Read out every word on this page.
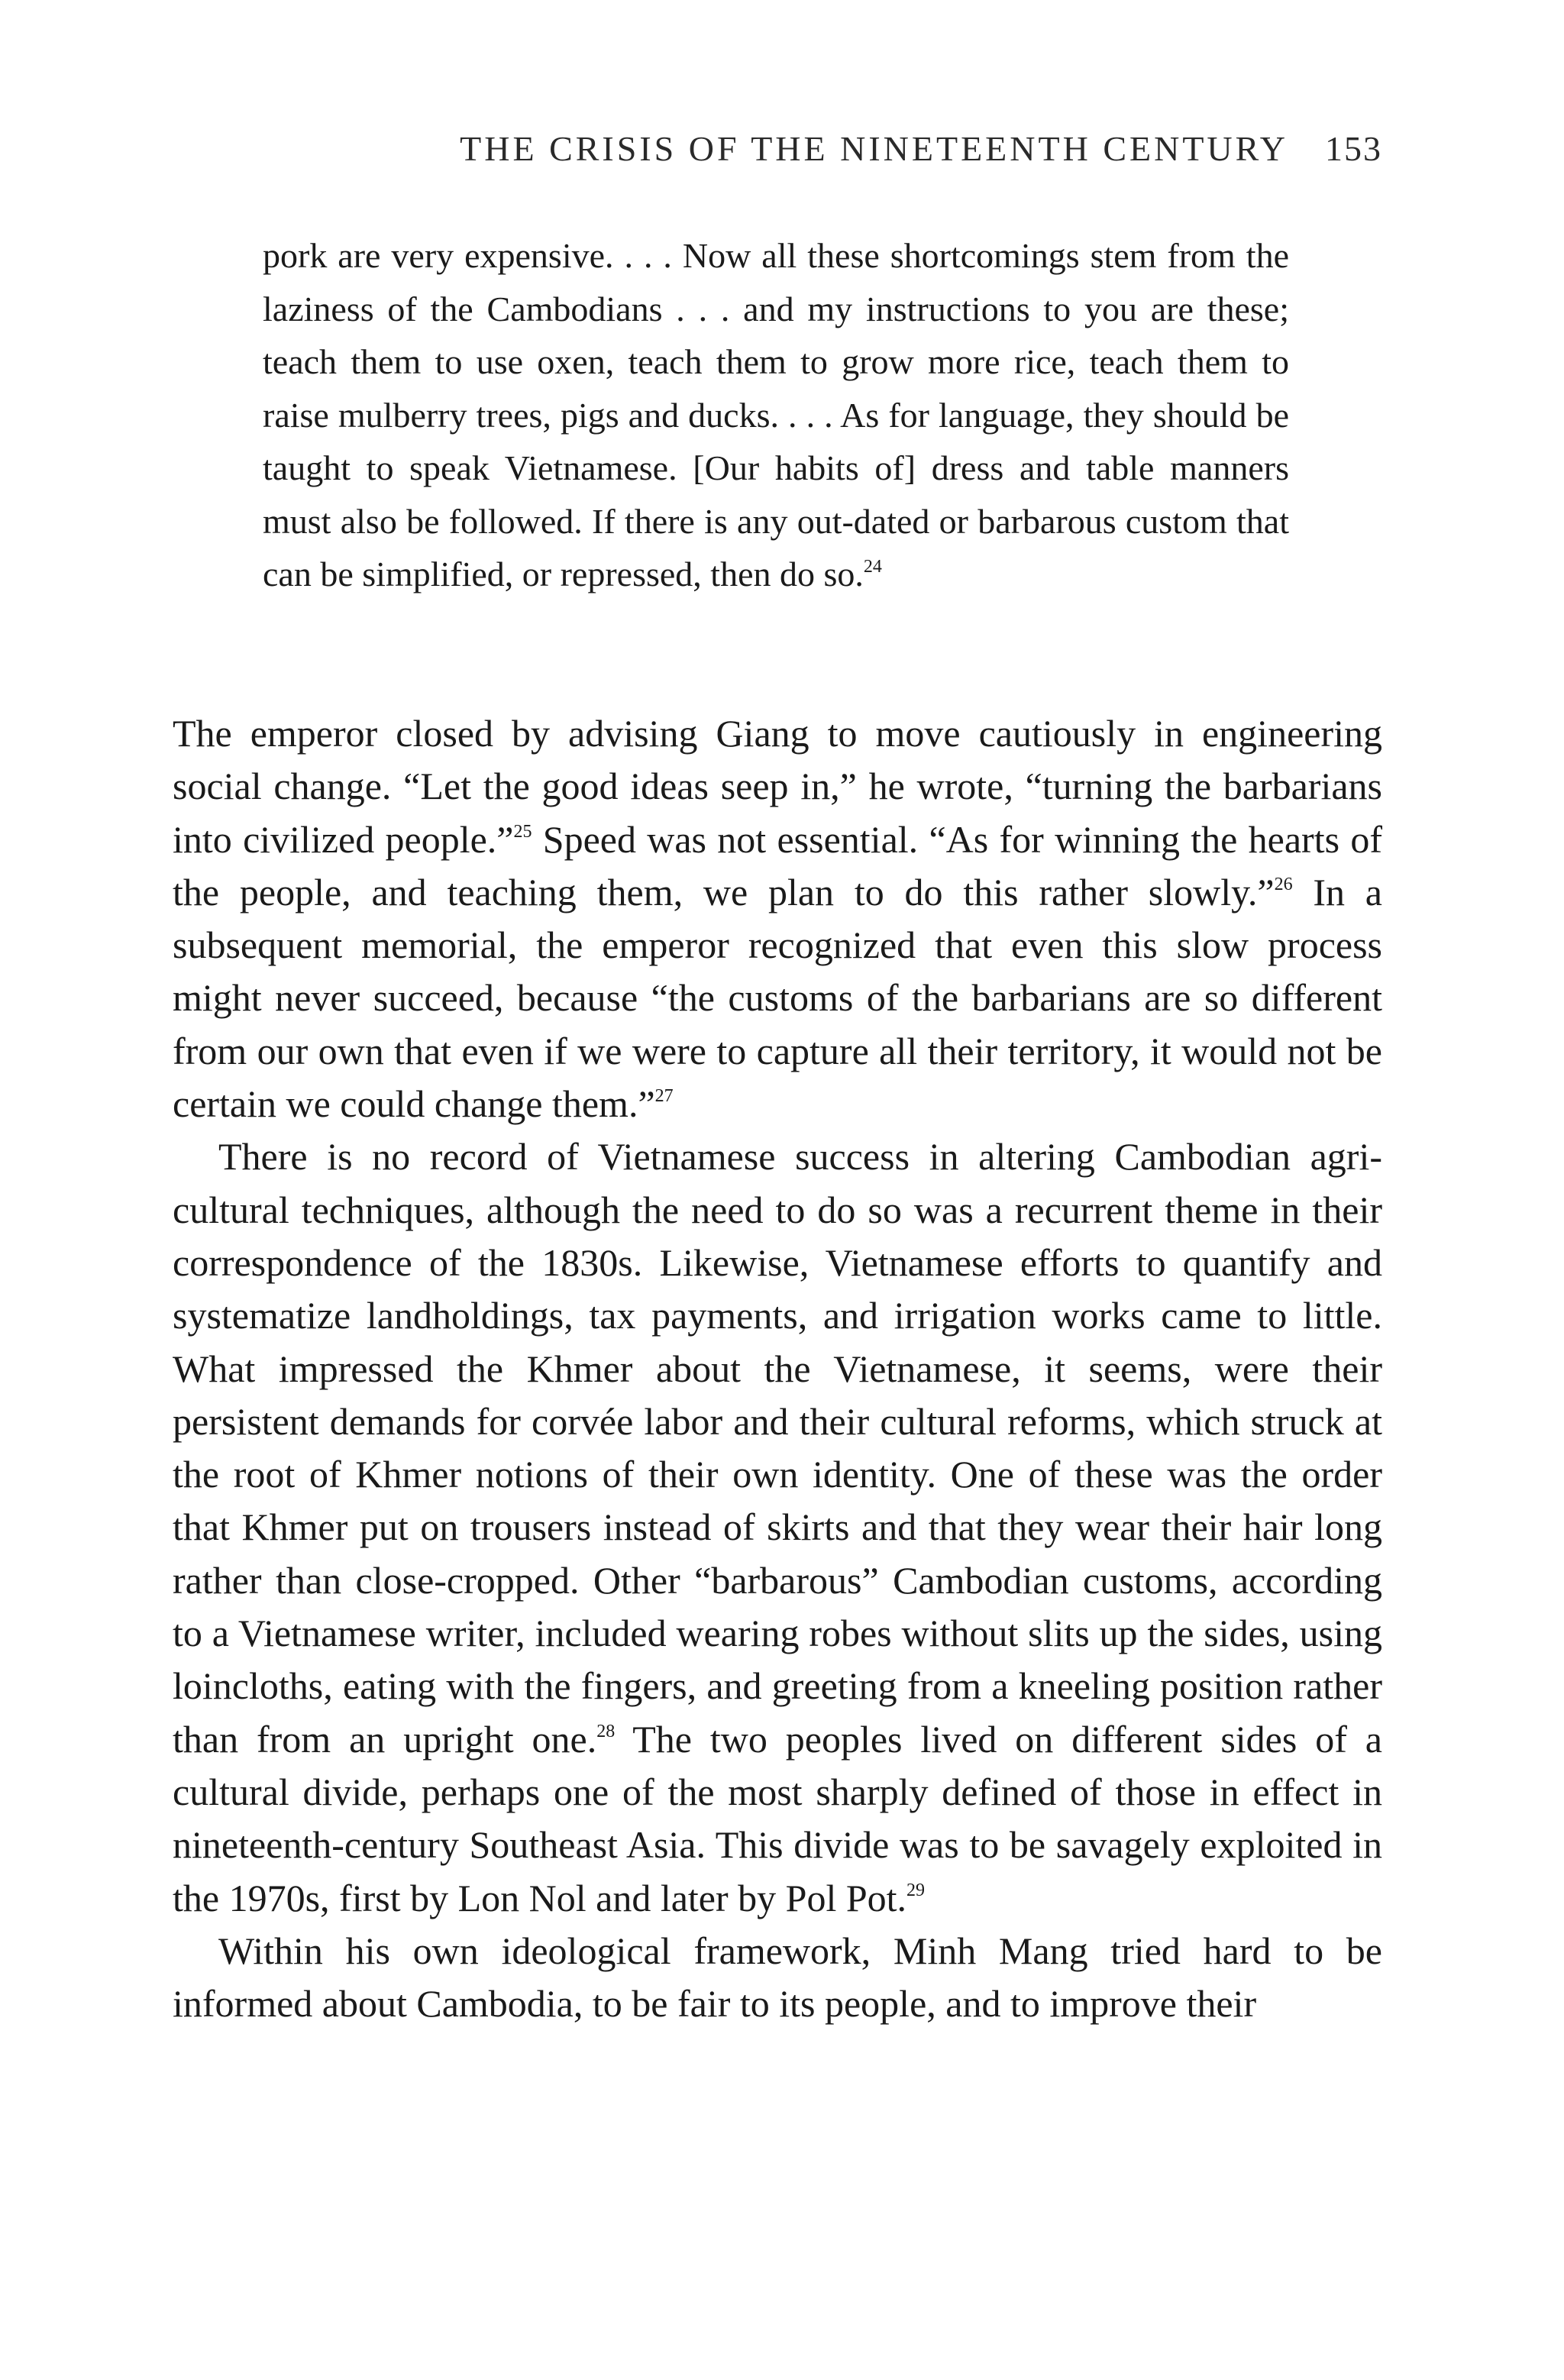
THE CRISIS OF THE NINETEENTH CENTURY 153

pork are very expensive. . . . Now all these shortcomings stem from the laziness of the Cambodians . . . and my instructions to you are these; teach them to use oxen, teach them to grow more rice, teach them to raise mulberry trees, pigs and ducks. . . . As for language, they should be taught to speak Vietnamese. [Our habits of] dress and table manners must also be followed. If there is any out-dated or barbarous custom that can be simplified, or repressed, then do so.$^{24}$

The emperor closed by advising Giang to move cautiously in engineering social change. “Let the good ideas seep in,” he wrote, “turning the barbarians into civilized people.”$^{25}$ Speed was not essential. “As for winning the hearts of the people, and teaching them, we plan to do this rather slowly.”$^{26}$ In a subsequent memorial, the emperor recognized that even this slow process might never succeed, because “the customs of the barbarians are so different from our own that even if we were to capture all their territory, it would not be certain we could change them.”$^{27}$

There is no record of Vietnamese success in altering Cambodian agricultural techniques, although the need to do so was a recurrent theme in their correspondence of the 1830s. Likewise, Vietnamese efforts to quantify and systematize landholdings, tax payments, and irrigation works came to little. What impressed the Khmer about the Vietnamese, it seems, were their persistent demands for corvée labor and their cultural reforms, which struck at the root of Khmer notions of their own identity. One of these was the order that Khmer put on trousers instead of skirts and that they wear their hair long rather than close-cropped. Other “barbarous” Cambodian customs, according to a Vietnamese writer, included wearing robes without slits up the sides, using loincloths, eating with the fingers, and greeting from a kneeling position rather than from an upright one.$^{28}$ The two peoples lived on different sides of a cultural divide, perhaps one of the most sharply defined of those in effect in nineteenth-century Southeast Asia. This divide was to be savagely exploited in the 1970s, first by Lon Nol and later by Pol Pot.$^{29}$

Within his own ideological framework, Minh Mang tried hard to be informed about Cambodia, to be fair to its people, and to improve their
